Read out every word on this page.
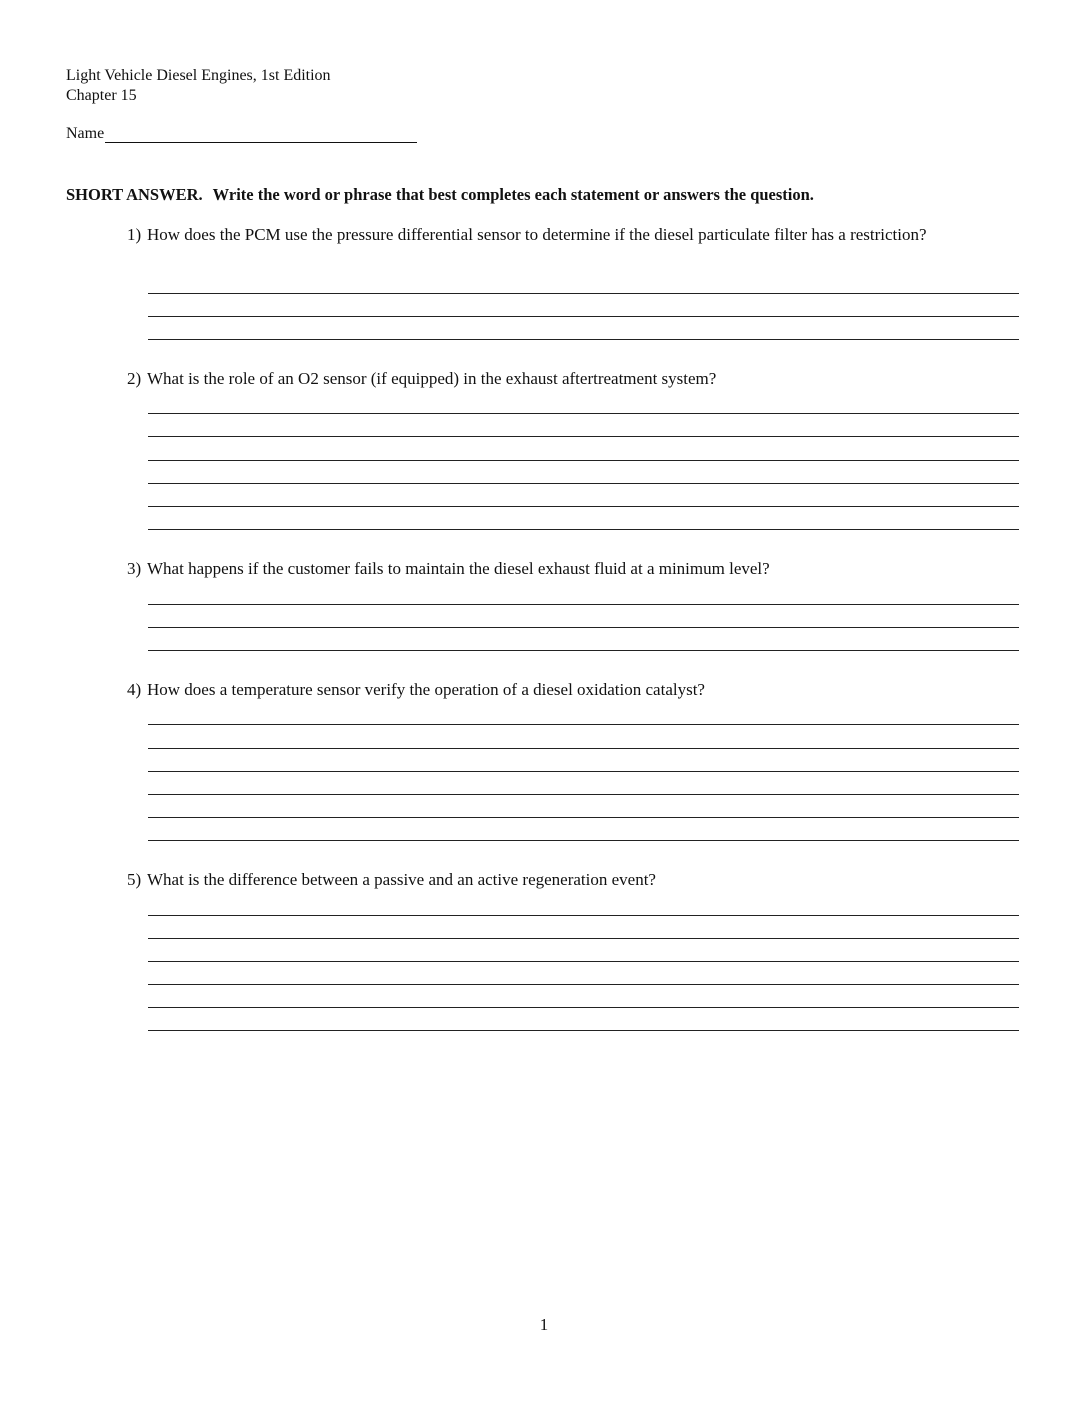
Light Vehicle Diesel Engines, 1st Edition
Chapter 15
Name
SHORT ANSWER. Write the word or phrase that best completes each statement or answers the question.
1) How does the PCM use the pressure differential sensor to determine if the diesel particulate filter has a restriction?
2) What is the role of an O2 sensor (if equipped) in the exhaust aftertreatment system?
3) What happens if the customer fails to maintain the diesel exhaust fluid at a minimum level?
4) How does a temperature sensor verify the operation of a diesel oxidation catalyst?
5) What is the difference between a passive and an active regeneration event?
1
